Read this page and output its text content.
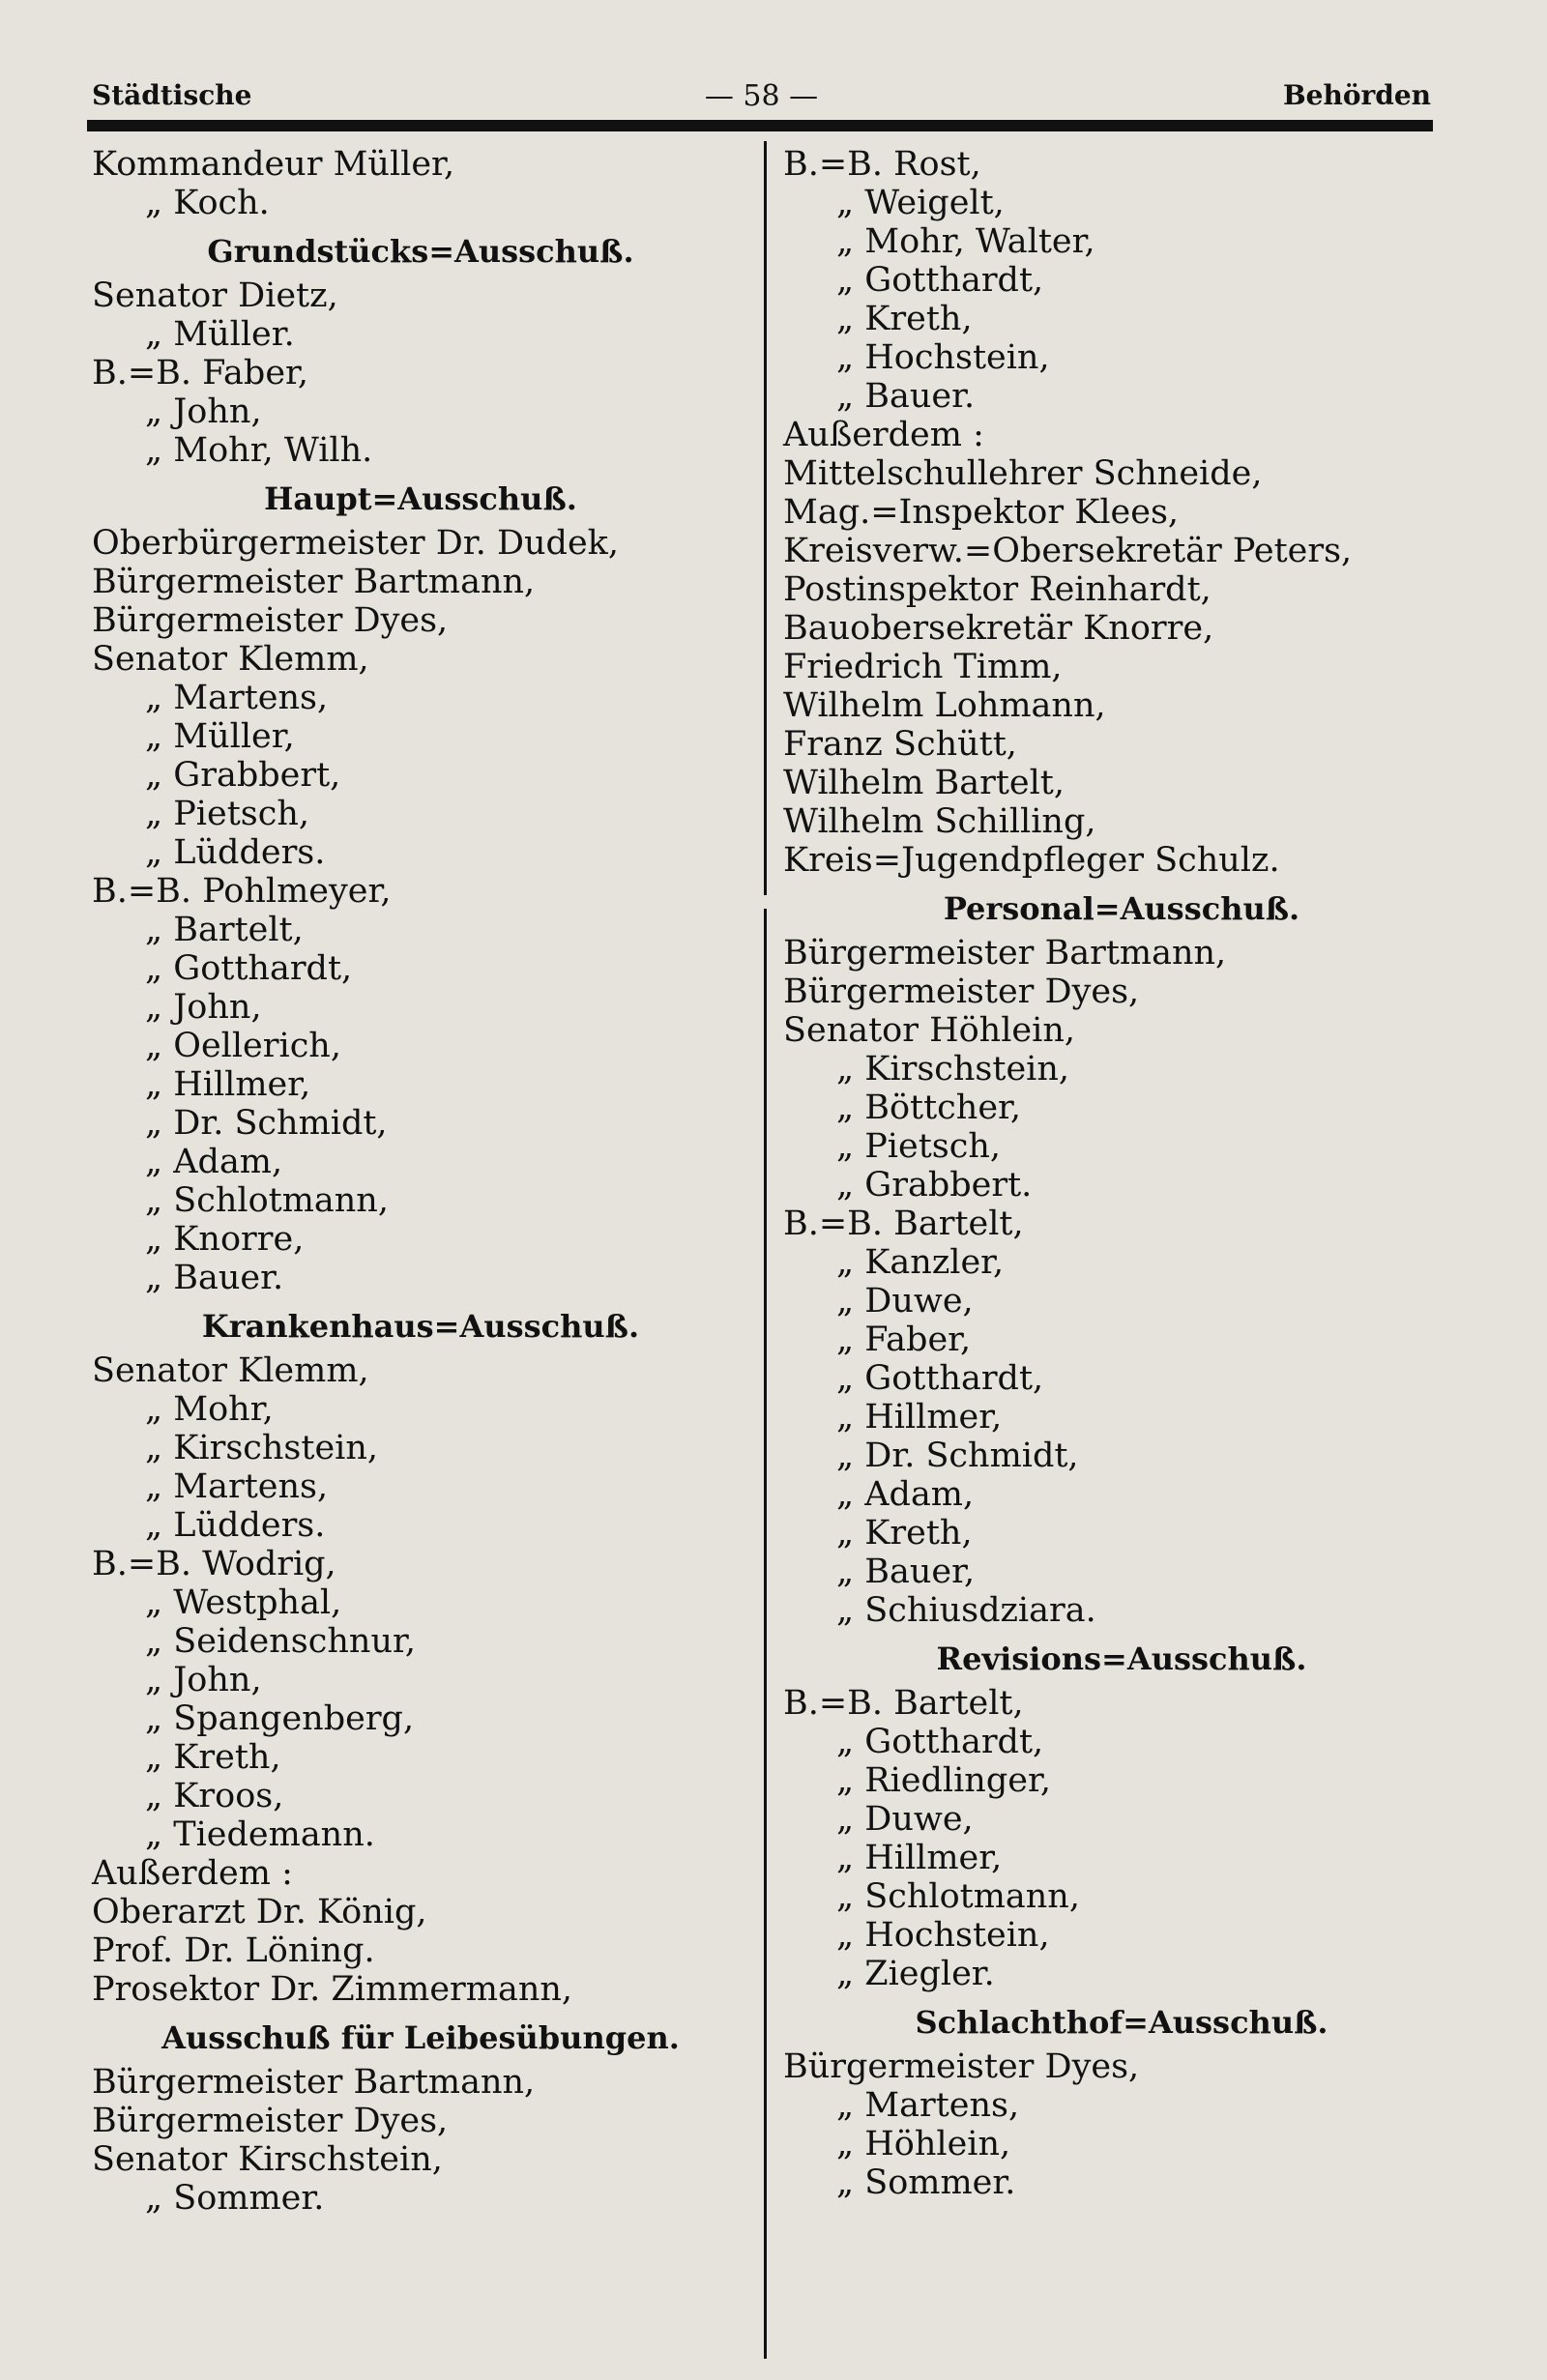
Städtische	— 58 —	Behörden
Kommandeur Müller,
„ Koch.
Grundstücks=Ausschuß.
Senator Dietz,
„ Müller.
B.=B. Faber,
„ John,
„ Mohr, Wilh.
Haupt=Ausschuß.
Oberbürgermeister Dr. Dudek,
Bürgermeister Bartmann,
Bürgermeister Dyes,
Senator Klemm,
„ Martens,
„ Müller,
„ Grabbert,
„ Pietsch,
„ Lüdders.
B.=B. Pohlmeyer,
„ Bartelt,
„ Gotthardt,
„ John,
„ Oellerich,
„ Hillmer,
„ Dr. Schmidt,
„ Adam,
„ Schlotmann,
„ Knorre,
„ Bauer.
Krankenhaus=Ausschuß.
Senator Klemm,
„ Mohr,
„ Kirschstein,
„ Martens,
„ Lüdders.
B.=B. Wodrig,
„ Westphal,
„ Seidenschnur,
„ John,
„ Spangenberg,
„ Kreth,
„ Kroos,
„ Tiedemann.
Außerdem :
Oberarzt Dr. König,
Prof. Dr. Löning.
Prosektor Dr. Zimmermann,
Ausschuß für Leibesübungen.
Bürgermeister Bartmann,
Bürgermeister Dyes,
Senator Kirschstein,
„ Sommer.
B.=B. Rost,
„ Weigelt,
„ Mohr, Walter,
„ Gotthardt,
„ Kreth,
„ Hochstein,
„ Bauer.
Außerdem :
Mittelschullehrer Schneide,
Mag.=Inspektor Klees,
Kreisverw.=Obersekretär Peters,
Postinspektor Reinhardt,
Bauobersekretär Knorre,
Friedrich Timm,
Wilhelm Lohmann,
Franz Schütt,
Wilhelm Bartelt,
Wilhelm Schilling,
Kreis=Jugendpfleger Schulz.
Personal=Ausschuß.
Bürgermeister Bartmann,
Bürgermeister Dyes,
Senator Höhlein,
„ Kirschstein,
„ Böttcher,
„ Pietsch,
„ Grabbert.
B.=B. Bartelt,
„ Kanzler,
„ Duwe,
„ Faber,
„ Gotthardt,
„ Hillmer,
„ Dr. Schmidt,
„ Adam,
„ Kreth,
„ Bauer,
„ Schiusdziara.
Revisions=Ausschuß.
B.=B. Bartelt,
„ Gotthardt,
„ Riedlinger,
„ Duwe,
„ Hillmer,
„ Schlotmann,
„ Hochstein,
„ Ziegler.
Schlachthof=Ausschuß.
Bürgermeister Dyes,
„ Martens,
„ Höhlein,
„ Sommer.
